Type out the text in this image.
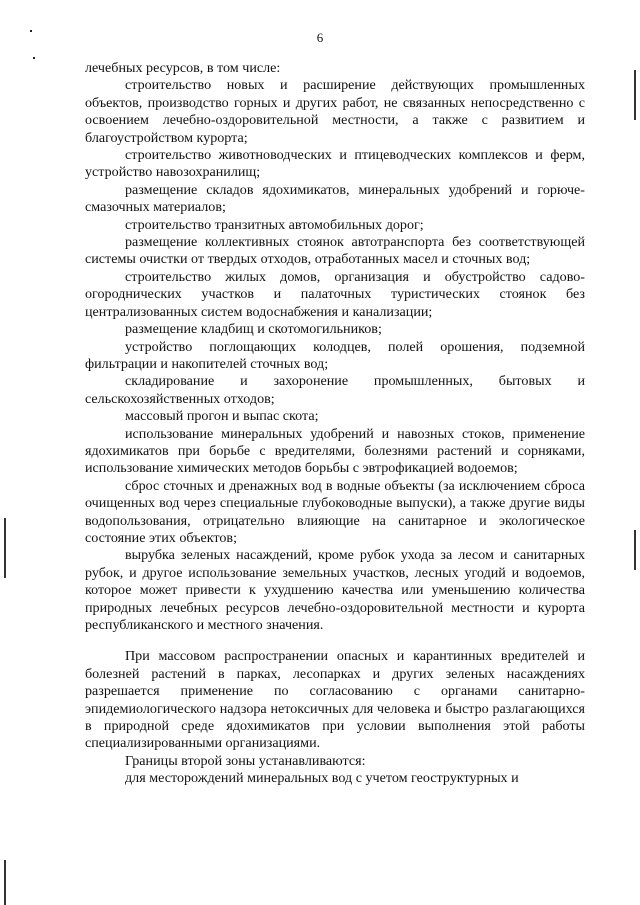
6

лечебных ресурсов, в том числе:

строительство новых и расширение действующих промышленных объектов, производство горных и других работ, не связанных непосредственно с освоением лечебно-оздоровительной местности, а также с развитием и благоустройством курорта;

строительство животноводческих и птицеводческих комплексов и ферм, устройство навозохранилищ;

размещение складов ядохимикатов, минеральных удобрений и горюче-смазочных материалов;

строительство транзитных автомобильных дорог;

размещение коллективных стоянок автотранспорта без соответствующей системы очистки от твердых отходов, отработанных масел и сточных вод;

строительство жилых домов, организация и обустройство садово-огороднических участков и палаточных туристических стоянок без централизованных систем водоснабжения и канализации;

размещение кладбищ и скотомогильников;

устройство поглощающих колодцев, полей орошения, подземной фильтрации и накопителей сточных вод;

складирование и захоронение промышленных, бытовых и сельскохозяйственных отходов;

массовый прогон и выпас скота;

использование минеральных удобрений и навозных стоков, применение ядохимикатов при борьбе с вредителями, болезнями растений и сорняками, использование химических методов борьбы с эвтрофикацией водоемов;

сброс сточных и дренажных вод в водные объекты (за исключением сброса очищенных вод через специальные глубоководные выпуски), а также другие виды водопользования, отрицательно влияющие на санитарное и экологическое состояние этих объектов;

вырубка зеленых насаждений, кроме рубок ухода за лесом и санитарных рубок, и другое использование земельных участков, лесных угодий и водоемов, которое может привести к ухудшению качества или уменьшению количества природных лечебных ресурсов лечебно-оздоровительной местности и курорта республиканского и местного значения.

При массовом распространении опасных и карантинных вредителей и болезней растений в парках, лесопарках и других зеленых насаждениях разрешается применение по согласованию с органами санитарно-эпидемиологического надзора нетоксичных для человека и быстро разлагающихся в природной среде ядохимикатов при условии выполнения этой работы специализированными организациями.

Границы второй зоны устанавливаются:

для месторождений минеральных вод с учетом геоструктурных и
